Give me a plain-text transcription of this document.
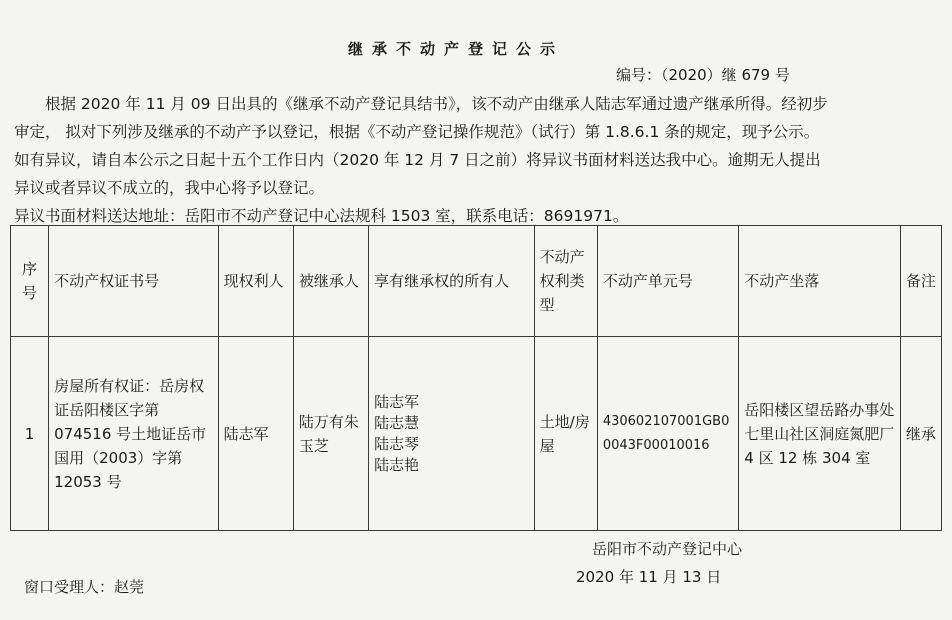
继承不动产登记公示
编号：（2020）继 679 号
　　根据 2020 年 11 月 09 日出具的《继承不动产登记具结书》，该不动产由继承人陆志军通过遗产继承所得。经初步
审定， 拟对下列涉及继承的不动产予以登记，根据《不动产登记操作规范》（试行）第 1.8.6.1 条的规定，现予公示。
如有异议，请自本公示之日起十五个工作日内（2020 年 12 月 7 日之前）将异议书面材料送达我中心。逾期无人提出
异议或者异议不成立的，我中心将予以登记。
异议书面材料送达地址：岳阳市不动产登记中心法规科 1503 室，联系电话：8691971。
序号	不动产权证书号	现权利人	被继承人	享有继承权的所有人	不动产权利类型	不动产单元号	不动产坐落	备注
1	房屋所有权证：岳房权证岳阳楼区字第 074516 号土地证岳市国用（2003）字第 12053 号	陆志军	陆万有朱玉芝	陆志军
陆志慧
陆志琴
陆志艳	土地/房屋	430602107001GB00043F00010016	岳阳楼区望岳路办事处七里山社区洞庭氮肥厂 4 区 12 栋 304 室	继承
岳阳市不动产登记中心
2020 年 11 月 13 日
窗口受理人：赵莞
